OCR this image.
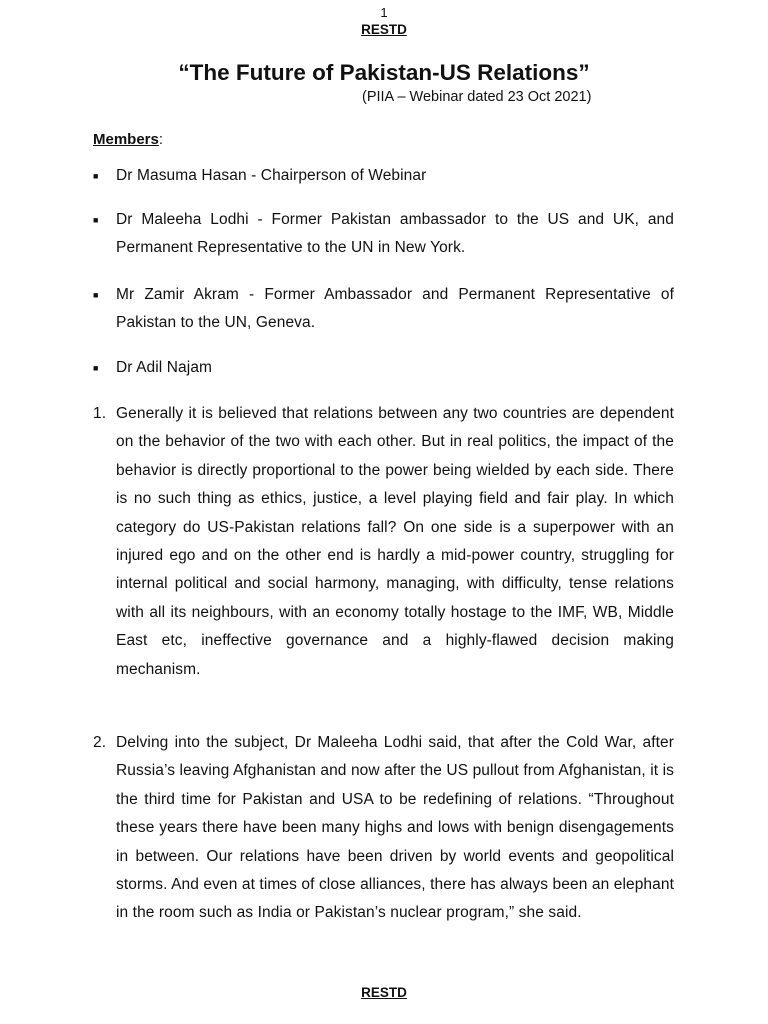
1
RESTD
“The Future of Pakistan-US Relations”
(PIIA – Webinar dated 23 Oct 2021)
Members:
■ Dr Masuma Hasan - Chairperson of Webinar
■ Dr Maleeha Lodhi - Former Pakistan ambassador to the US and UK, and Permanent Representative to the UN in New York.
■ Mr Zamir Akram - Former Ambassador and Permanent Representative of Pakistan to the UN, Geneva.
■ Dr Adil Najam
1. Generally it is believed that relations between any two countries are dependent on the behavior of the two with each other. But in real politics, the impact of the behavior is directly proportional to the power being wielded by each side. There is no such thing as ethics, justice, a level playing field and fair play. In which category do US-Pakistan relations fall? On one side is a superpower with an injured ego and on the other end is hardly a mid-power country, struggling for internal political and social harmony, managing, with difficulty, tense relations with all its neighbours, with an economy totally hostage to the IMF, WB, Middle East etc, ineffective governance and a highly-flawed decision making mechanism.
2. Delving into the subject, Dr Maleeha Lodhi said, that after the Cold War, after Russia’s leaving Afghanistan and now after the US pullout from Afghanistan, it is the third time for Pakistan and USA to be redefining of relations. “Throughout these years there have been many highs and lows with benign disengagements in between. Our relations have been driven by world events and geopolitical storms. And even at times of close alliances, there has always been an elephant in the room such as India or Pakistan’s nuclear program,” she said.
RESTD
